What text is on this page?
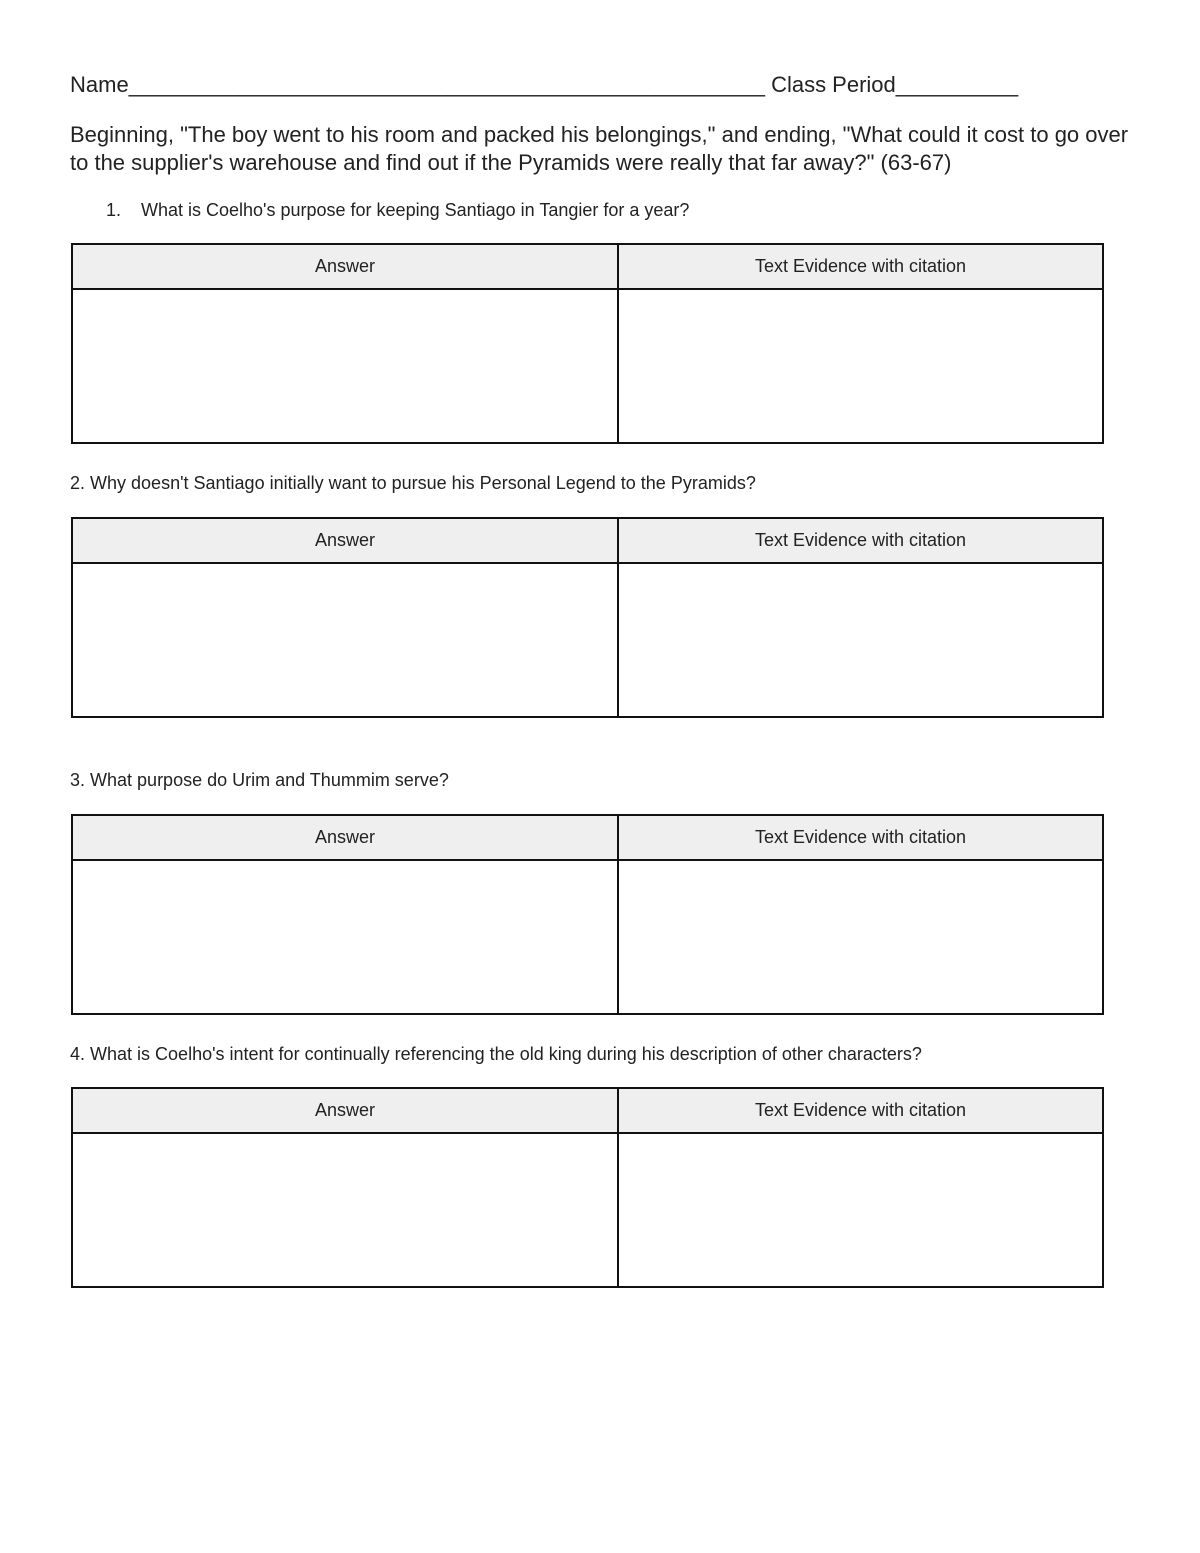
Name____________________________________________________ Class Period__________
Beginning, "The boy went to his room and packed his belongings," and ending, "What could it cost to go over to the supplier's warehouse and find out if the Pyramids were really that far away?" (63-67)
1. What is Coelho's purpose for keeping Santiago in Tangier for a year?
Answer	Text Evidence with citation

2. Why doesn't Santiago initially want to pursue his Personal Legend to the Pyramids?
Answer	Text Evidence with citation

3. What purpose do Urim and Thummim serve?
Answer	Text Evidence with citation

4. What is Coelho's intent for continually referencing the old king during his description of other characters?
Answer	Text Evidence with citation
